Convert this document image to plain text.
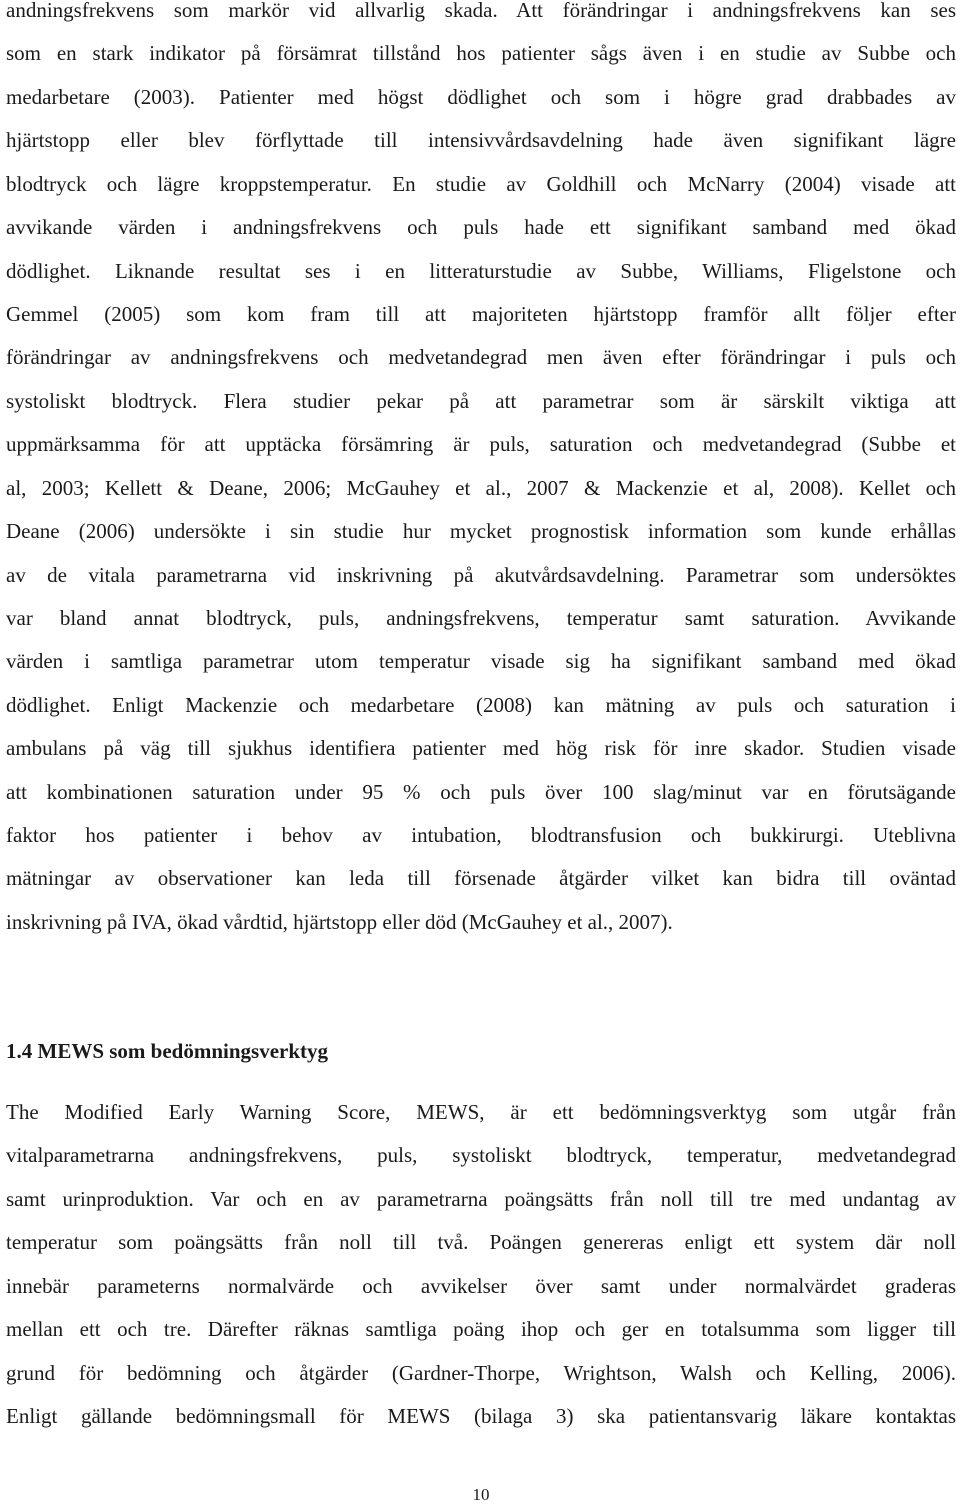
andningsfrekvens som markör vid allvarlig skada. Att förändringar i andningsfrekvens kan ses
som en stark indikator på försämrat tillstånd hos patienter sågs även i en studie av Subbe och
medarbetare (2003). Patienter med högst dödlighet och som i högre grad drabbades av
hjärtstopp eller blev förflyttade till intensivvårdsavdelning hade även signifikant lägre
blodtryck och lägre kroppstemperatur. En studie av Goldhill och McNarry (2004) visade att
avvikande värden i andningsfrekvens och puls hade ett signifikant samband med ökad
dödlighet. Liknande resultat ses i en litteraturstudie av Subbe, Williams, Fligelstone och
Gemmel (2005) som kom fram till att majoriteten hjärtstopp framför allt följer efter
förändringar av andningsfrekvens och medvetandegrad men även efter förändringar i puls och
systoliskt blodtryck. Flera studier pekar på att parametrar som är särskilt viktiga att
uppmärksamma för att upptäcka försämring är puls, saturation och medvetandegrad (Subbe et
al, 2003; Kellett & Deane, 2006; McGauhey et al., 2007 & Mackenzie et al, 2008). Kellet och
Deane (2006) undersökte i sin studie hur mycket prognostisk information som kunde erhållas
av de vitala parametrarna vid inskrivning på akutvårdsavdelning. Parametrar som undersöktes
var bland annat blodtryck, puls, andningsfrekvens, temperatur samt saturation. Avvikande
värden i samtliga parametrar utom temperatur visade sig ha signifikant samband med ökad
dödlighet. Enligt Mackenzie och medarbetare (2008) kan mätning av puls och saturation i
ambulans på väg till sjukhus identifiera patienter med hög risk för inre skador. Studien visade
att kombinationen saturation under 95 % och puls över 100 slag/minut var en förutsägande
faktor hos patienter i behov av intubation, blodtransfusion och bukkirurgi. Uteblivna
mätningar av observationer kan leda till försenade åtgärder vilket kan bidra till oväntad
inskrivning på IVA, ökad vårdtid, hjärtstopp eller död (McGauhey et al., 2007).
1.4 MEWS som bedömningsverktyg
The Modified Early Warning Score, MEWS, är ett bedömningsverktyg som utgår från
vitalparametrarna andningsfrekvens, puls, systoliskt blodtryck, temperatur, medvetandegrad
samt urinproduktion. Var och en av parametrarna poängsätts från noll till tre med undantag av
temperatur som poängsätts från noll till två. Poängen genereras enligt ett system där noll
innebär parameterns normalvärde och avvikelser över samt under normalvärdet graderas
mellan ett och tre. Därefter räknas samtliga poäng ihop och ger en totalsumma som ligger till
grund för bedömning och åtgärder (Gardner-Thorpe, Wrightson, Walsh och Kelling, 2006).
Enligt gällande bedömningsmall för MEWS (bilaga 3) ska patientansvarig läkare kontaktas
10
